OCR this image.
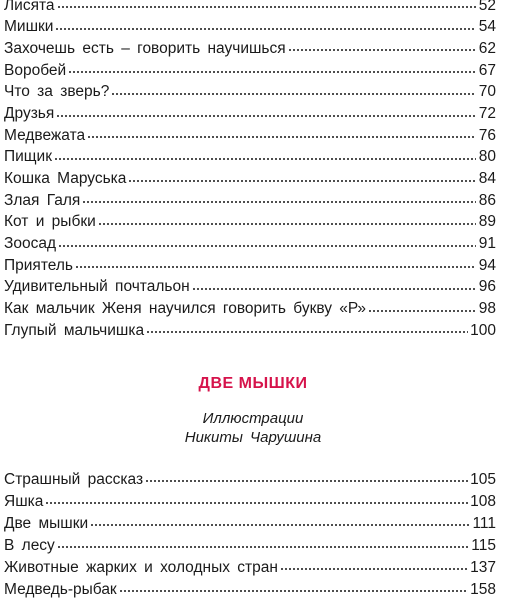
Лисята	52
Мишки	54
Захочешь есть – говорить научишься	62
Воробей	67
Что за зверь?	70
Друзья	72
Медвежата	76
Пищик	80
Кошка Маруська	84
Злая Галя	86
Кот и рыбки	89
Зоосад	91
Приятель	94
Удивительный почтальон	96
Как мальчик Женя научился говорить букву «Р»	98
Глупый мальчишка	100
ДВЕ МЫШКИ
Иллюстрации
Никиты Чарушина
Страшный рассказ	105
Яшка	108
Две мышки	111
В лесу	115
Животные жарких и холодных стран	137
Медведь-рыбак	158
